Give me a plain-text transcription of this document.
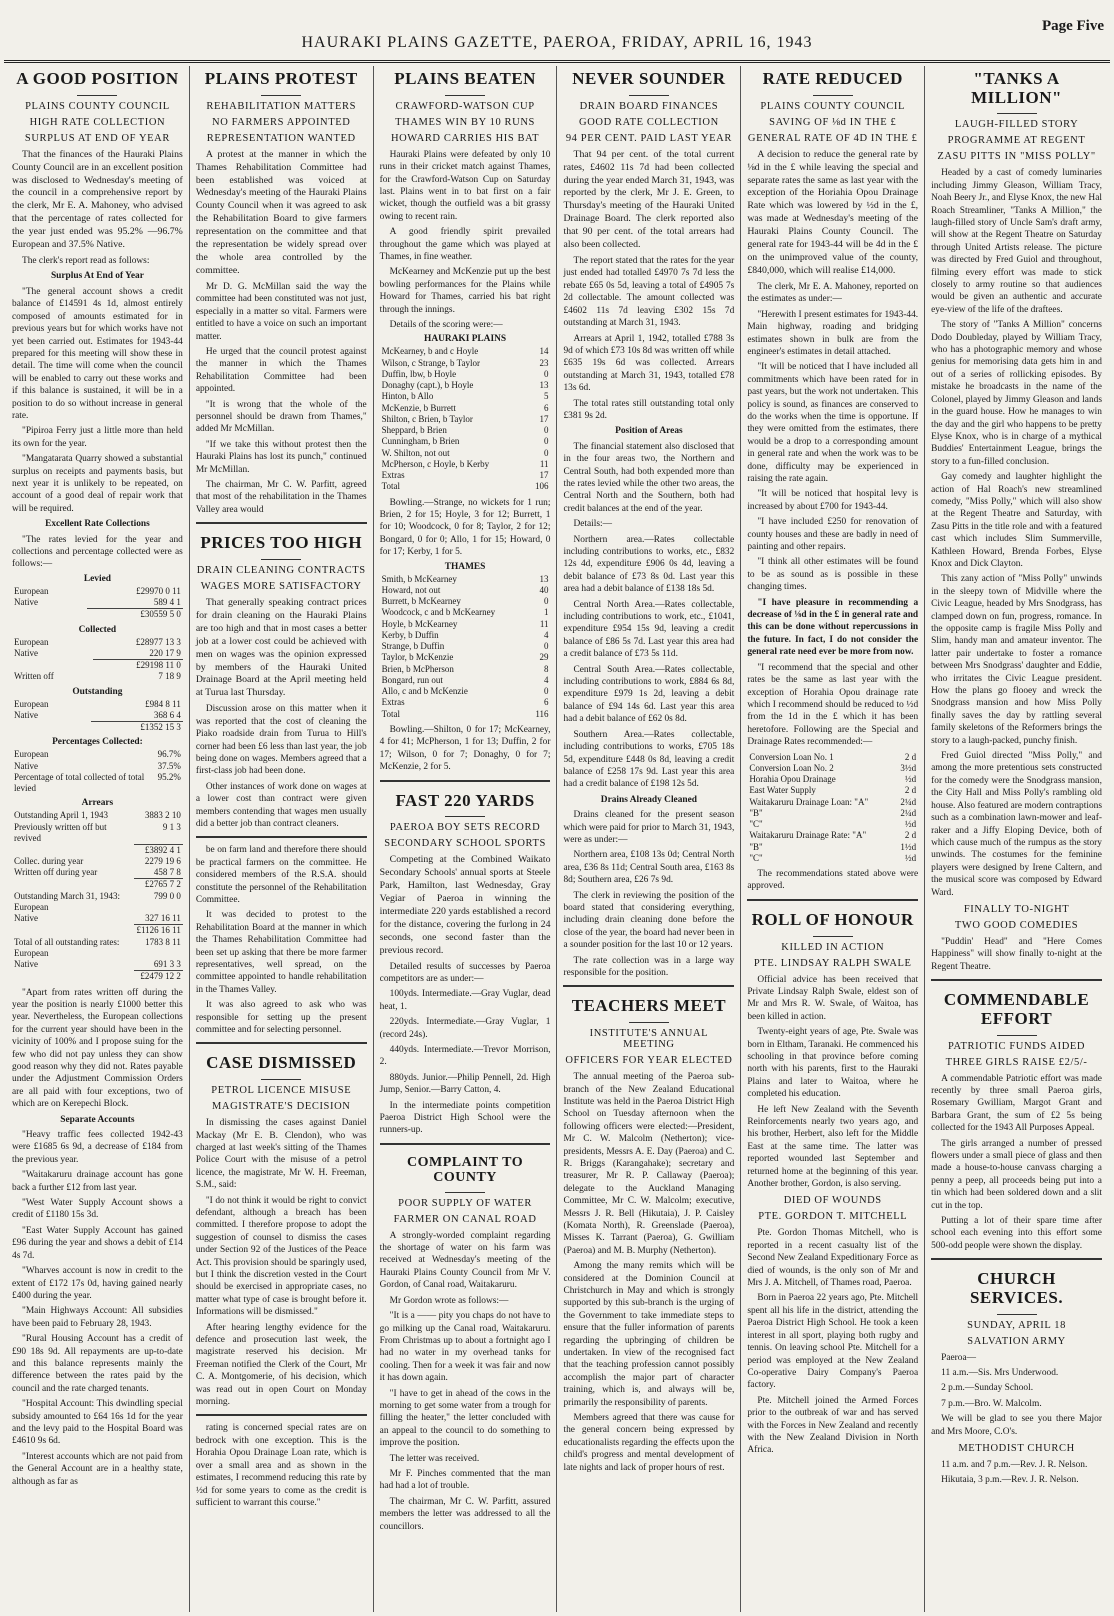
Page Five
HAURAKI PLAINS GAZETTE, PAEROA, FRIDAY, APRIL 16, 1943
A GOOD POSITION
PLAINS COUNTY COUNCIL
HIGH RATE COLLECTION
SURPLUS AT END OF YEAR

That the finances of the Hauraki Plains County Council are in an excellent position was disclosed to Wednesday's meeting of the council in a comprehensive report by the clerk, Mr E. A. Mahoney, who advised that the percentage of rates collected for the year just ended was 95.2% —96.7% European and 37.5% Native.

The clerk's report read as follows:

Surplus At End of Year

"The general account shows a credit balance of £14591 4s 1d, almost entirely composed of amounts estimated for in previous years but for which works have not yet been carried out. Estimates for 1943-44 prepared for this meeting will show these in detail. The time will come when the council will be enabled to carry out these works and if this balance is sustained, it will be in a position to do so without increase in general rate.

"Pipiroa Ferry just a little more than held its own for the year.

"Mangatarata Quarry showed a substantial surplus on receipts and payments basis, but next year it is unlikely to be repeated, on account of a good deal of repair work that will be required.

Excellent Rate Collections

"The rates levied for the year and collections and percentage collected were as follows:—

Levied
European	£29970 0 11
Native	589 4 1
	£30559 5 0
Collected
European	£28977 13 3
Native	220 17 9
	£29198 11 0
Written off	7 18 9
Outstanding
European	£984 8 11
Native	368 6 4
	£1352 15 3
Percentages Collected:
European	96.7%
Native	37.5%
Percentage of total collected of total levied	95.2%
Arrears
Outstanding April 1, 1943	3883 2 10
Previously written off but revived	9 1 3
	£3892 4 1
Collec. during year	2279 19 6
Written off during year	458 7 8
	£2765 7 2
Outstanding March 31, 1943: European	799 0 0
Native	327 16 11
	£1126 16 11
Total of all outstanding rates: European	1783 8 11
Native	691 3 3
	£2479 12 2

"Apart from rates written off during the year the position is nearly £1000 better this year. Nevertheless, the European collections for the current year should have been in the vicinity of 100% and I propose suing for the few who did not pay unless they can show good reason why they did not. Rates payable under the Adjustment Commission Orders are all paid with four exceptions, two of which are on Kerepechi Block.

Separate Accounts

"Heavy traffic fees collected 1942-43 were £1685 6s 9d, a decrease of £184 from the previous year.

"Waitakaruru drainage account has gone back a further £12 from last year.

"West Water Supply Account shows a credit of £1180 15s 3d.

"East Water Supply Account has gained £96 during the year and shows a debit of £14 4s 7d.

"Wharves account is now in credit to the extent of £172 17s 0d, having gained nearly £400 during the year.

"Main Highways Account: All subsidies have been paid to February 28, 1943.

"Rural Housing Account has a credit of £90 18s 9d. All repayments are up-to-date and this balance represents mainly the difference between the rates paid by the council and the rate charged tenants.

"Hospital Account: This dwindling special subsidy amounted to £64 16s 1d for the year and the levy paid to the Hospital Board was £4610 9s 6d.

"Interest accounts which are not paid from the General Account are in a healthy state, although as far as

PLAINS PROTEST
REHABILITATION MATTERS
NO FARMERS APPOINTED
REPRESENTATION WANTED

A protest at the manner in which the Thames Rehabilitation Committee had been established was voiced at Wednesday's meeting of the Hauraki Plains County Council when it was agreed to ask the Rehabilitation Board to give farmers representation on the committee and that the representation be widely spread over the whole area controlled by the committee.

Mr D. G. McMillan said the way the committee had been constituted was not just, especially in a matter so vital. Farmers were entitled to have a voice on such an important matter.

He urged that the council protest against the manner in which the Thames Rehabilitation Committee had been appointed.

"It is wrong that the whole of the personnel should be drawn from Thames," added Mr McMillan.

"If we take this without protest then the Hauraki Plains has lost its punch," continued Mr McMillan.

The chairman, Mr C. W. Parfitt, agreed that most of the rehabilitation in the Thames Valley area would

PRICES TOO HIGH
DRAIN CLEANING CONTRACTS
WAGES MORE SATISFACTORY

That generally speaking contract prices for drain cleaning on the Hauraki Plains are too high and that in most cases a better job at a lower cost could be achieved with men on wages was the opinion expressed by members of the Hauraki United Drainage Board at the April meeting held at Turua last Thursday.

Discussion arose on this matter when it was reported that the cost of cleaning the Piako roadside drain from Turua to Hill's corner had been £6 less than last year, the job being done on wages. Members agreed that a first-class job had been done.

Other instances of work done on wages at a lower cost than contract were given members contending that wages men usually did a better job than contract cleaners.

be on farm land and therefore there should be practical farmers on the committee. He considered members of the R.S.A. should constitute the personnel of the Rehabilitation Committee.

It was decided to protest to the Rehabilitation Board at the manner in which the Thames Rehabilitation Committee had been set up asking that there be more farmer representatives, well spread, on the committee appointed to handle rehabilitation in the Thames Valley.

It was also agreed to ask who was responsible for setting up the present committee and for selecting personnel.

CASE DISMISSED
PETROL LICENCE MISUSE
MAGISTRATE'S DECISION

In dismissing the cases against Daniel Mackay (Mr E. B. Clendon), who was charged at last week's sitting of the Thames Police Court with the misuse of a petrol licence, the magistrate, Mr W. H. Freeman, S.M., said:

"I do not think it would be right to convict defendant, although a breach has been committed. I therefore propose to adopt the suggestion of counsel to dismiss the cases under Section 92 of the Justices of the Peace Act. This provision should be sparingly used, but I think the discretion vested in the Court should be exercised in appropriate cases, no matter what type of case is brought before it. Informations will be dismissed."

After hearing lengthy evidence for the defence and prosecution last week, the magistrate reserved his decision. Mr Freeman notified the Clerk of the Court, Mr C. A. Montgomerie, of his decision, which was read out in open Court on Monday morning.

rating is concerned special rates are on bedrock with one exception. This is the Horahia Opou Drainage Loan rate, which is over a small area and as shown in the estimates, I recommend reducing this rate by ½d for some years to come as the credit is sufficient to warrant this course."

PLAINS BEATEN
CRAWFORD-WATSON CUP
THAMES WIN BY 10 RUNS
HOWARD CARRIES HIS BAT

Hauraki Plains were defeated by only 10 runs in their cricket match against Thames, for the Crawford-Watson Cup on Saturday last. Plains went in to bat first on a fair wicket, though the outfield was a bit grassy owing to recent rain.

A good friendly spirit prevailed throughout the game which was played at Thames, in fine weather.

McKearney and McKenzie put up the best bowling performances for the Plains while Howard for Thames, carried his bat right through the innings.

Details of the scoring were:—

HAURAKI PLAINS
McKearney, b and c Hoyle	14
Wilson, c Strange, b Taylor	23
Duffin, lbw, b Hoyle	0
Donaghy (capt.), b Hoyle	13
Hinton, b Allo	5
McKenzie, b Burrett	6
Shilton, c Brien, b Taylor	17
Sheppard, b Brien	0
Cunningham, b Brien	0
W. Shilton, not out	0
McPherson, c Hoyle, b Kerby	11
Extras	17
Total	106

Bowling.—Strange, no wickets for 1 run; Brien, 2 for 15; Hoyle, 3 for 12; Burrett, 1 for 10; Woodcock, 0 for 8; Taylor, 2 for 12; Bongard, 0 for 0; Allo, 1 for 15; Howard, 0 for 17; Kerby, 1 for 5.

THAMES
Smith, b McKearney	13
Howard, not out	40
Burrett, b McKearney	0
Woodcock, c and b McKearney	1
Hoyle, b McKearney	11
Kerby, b Duffin	4
Strange, b Duffin	0
Taylor, b McKenzie	29
Brien, b McPherson	8
Bongard, run out	4
Allo, c and b McKenzie	0
Extras	6
Total	116

Bowling.—Shilton, 0 for 17; McKearney, 4 for 41; McPherson, 1 for 13; Duffin, 2 for 17; Wilson, 0 for 7; Donaghy, 0 for 7; McKenzie, 2 for 5.

FAST 220 YARDS
PAEROA BOY SETS RECORD
SECONDARY SCHOOL SPORTS

Competing at the Combined Waikato Secondary Schools' annual sports at Steele Park, Hamilton, last Wednesday, Gray Vegiar of Paeroa in winning the intermediate 220 yards established a record for the distance, covering the furlong in 24 seconds, one second faster than the previous record.

Detailed results of successes by Paeroa competitors are as under:—

100yds. Intermediate.—Gray Vuglar, dead heat, 1.

220yds. Intermediate.—Gray Vuglar, 1 (record 24s).

440yds. Intermediate.—Trevor Morrison, 2.

880yds. Junior.—Philip Pennell, 2d. High Jump, Senior.—Barry Catton, 4.

In the intermediate points competition Paeroa District High School were the runners-up.

COMPLAINT TO COUNTY
POOR SUPPLY OF WATER
FARMER ON CANAL ROAD

A strongly-worded complaint regarding the shortage of water on his farm was received at Wednesday's meeting of the Hauraki Plains County Council from Mr V. Gordon, of Canal road, Waitakaruru.

Mr Gordon wrote as follows:—

"It is a —— pity you chaps do not have to go milking up the Canal road, Waitakaruru. From Christmas up to about a fortnight ago I had no water in my overhead tanks for cooling. Then for a week it was fair and now it has down again.

"I have to get in ahead of the cows in the morning to get some water from a trough for filling the heater," the letter concluded with an appeal to the council to do something to improve the position.

The letter was received.

Mr F. Pinches commented that the man had had a lot of trouble.

The chairman, Mr C. W. Parfitt, assured members the letter was addressed to all the councillors.

NEVER SOUNDER
DRAIN BOARD FINANCES
GOOD RATE COLLECTION
94 PER CENT. PAID LAST YEAR

That 94 per cent. of the total current rates, £4602 11s 7d had been collected during the year ended March 31, 1943, was reported by the clerk, Mr J. E. Green, to Thursday's meeting of the Hauraki United Drainage Board. The clerk reported also that 90 per cent. of the total arrears had also been collected.

The report stated that the rates for the year just ended had totalled £4970 7s 7d less the rebate £65 0s 5d, leaving a total of £4905 7s 2d collectable. The amount collected was £4602 11s 7d leaving £302 15s 7d outstanding at March 31, 1943.

Arrears at April 1, 1942, totalled £788 3s 9d of which £73 10s 8d was written off while £635 19s 6d was collected. Arrears outstanding at March 31, 1943, totalled £78 13s 6d.

The total rates still outstanding total only £381 9s 2d.

Position of Areas

The financial statement also disclosed that in the four areas two, the Northern and Central South, had both expended more than the rates levied while the other two areas, the Central North and the Southern, both had credit balances at the end of the year.

Details:—

Northern area.—Rates collectable including contributions to works, etc., £832 12s 4d, expenditure £906 0s 4d, leaving a debit balance of £73 8s 0d. Last year this area had a debit balance of £138 18s 5d.

Central North Area.—Rates collectable, including contributions to work, etc., £1041, expenditure £954 15s 9d, leaving a credit balance of £86 5s 7d. Last year this area had a credit balance of £73 5s 11d.

Central South Area.—Rates collectable, including contributions to work, £884 6s 8d, expenditure £979 1s 2d, leaving a debit balance of £94 14s 6d. Last year this area had a debit balance of £62 0s 8d.

Southern Area.—Rates collectable, including contributions to works, £705 18s 5d, expenditure £448 0s 8d, leaving a credit balance of £258 17s 9d. Last year this area had a credit balance of £198 12s 5d.

Drains Already Cleaned

Drains cleaned for the present season which were paid for prior to March 31, 1943, were as under:—

Northern area, £108 13s 0d; Central North area, £36 8s 11d; Central South area, £163 8s 8d; Southern area, £26 7s 9d.

The clerk in reviewing the position of the board stated that considering everything, including drain cleaning done before the close of the year, the board had never been in a sounder position for the last 10 or 12 years.

The rate collection was in a large way responsible for the position.

TEACHERS MEET
INSTITUTE'S ANNUAL MEETING
OFFICERS FOR YEAR ELECTED

The annual meeting of the Paeroa sub-branch of the New Zealand Educational Institute was held in the Paeroa District High School on Tuesday afternoon when the following officers were elected:—President, Mr C. W. Malcolm (Netherton); vice-presidents, Messrs A. E. Day (Paeroa) and C. R. Briggs (Karangahake); secretary and treasurer, Mr R. P. Callaway (Paeroa); delegate to the Auckland Managing Committee, Mr C. W. Malcolm; executive, Messrs J. R. Bell (Hikutaia), J. P. Caisley (Komata North), R. Greenslade (Paeroa), Misses K. Tarrant (Paeroa), G. Gwilliam (Paeroa) and M. B. Murphy (Netherton).

Among the many remits which will be considered at the Dominion Council at Christchurch in May and which is strongly supported by this sub-branch is the urging of the Government to take immediate steps to ensure that the fuller information of parents regarding the upbringing of children be undertaken. In view of the recognised fact that the teaching profession cannot possibly accomplish the major part of character training, which is, and always will be, primarily the responsibility of parents.

Members agreed that there was cause for the general concern being expressed by educationalists regarding the effects upon the child's progress and mental development of late nights and lack of proper hours of rest.

RATE REDUCED
PLAINS COUNTY COUNCIL
SAVING OF ⅛d IN THE £
GENERAL RATE OF 4D IN THE £

A decision to reduce the general rate by ⅛d in the £ while leaving the special and separate rates the same as last year with the exception of the Horiahia Opou Drainage Rate which was lowered by ½d in the £, was made at Wednesday's meeting of the Hauraki Plains County Council. The general rate for 1943-44 will be 4d in the £ on the unimproved value of the county, £840,000, which will realise £14,000.

The clerk, Mr E. A. Mahoney, reported on the estimates as under:—

"Herewith I present estimates for 1943-44. Main highway, roading and bridging estimates shown in bulk are from the engineer's estimates in detail attached.

"It will be noticed that I have included all commitments which have been rated for in past years, but the work not undertaken. This policy is sound, as finances are conserved to do the works when the time is opportune. If they were omitted from the estimates, there would be a drop to a corresponding amount in general rate and when the work was to be done, difficulty may be experienced in raising the rate again.

"It will be noticed that hospital levy is increased by about £700 for 1943-44.

"I have included £250 for renovation of county houses and these are badly in need of painting and other repairs.

"I think all other estimates will be found to be as sound as is possible in these changing times.

"I have pleasure in recommending a decrease of ⅛d in the £ in general rate and this can be done without repercussions in the future. In fact, I do not consider the general rate need ever be more from now.

"I recommend that the special and other rates be the same as last year with the exception of Horahia Opou drainage rate which I recommend should be reduced to ½d from the 1d in the £ which it has been heretofore. Following are the Special and Drainage Rates recommended:—

Conversion Loan No. 1	2 d
Conversion Loan No. 2	3½d
Horahia Opou Drainage	½d
East Water Supply	2 d
Waitakaruru Drainage Loan: "A"	2¼d
"B"	2¼d
"C"	½d
Waitakaruru Drainage Rate: "A"	2 d
"B"	1½d
"C"	½d

The recommendations stated above were approved.

ROLL OF HONOUR
KILLED IN ACTION
PTE. LINDSAY RALPH SWALE

Official advice has been received that Private Lindsay Ralph Swale, eldest son of Mr and Mrs R. W. Swale, of Waitoa, has been killed in action.

Twenty-eight years of age, Pte. Swale was born in Eltham, Taranaki. He commenced his schooling in that province before coming north with his parents, first to the Hauraki Plains and later to Waitoa, where he completed his education.

He left New Zealand with the Seventh Reinforcements nearly two years ago, and his brother, Herbert, also left for the Middle East at the same time. The latter was reported wounded last September and returned home at the beginning of this year. Another brother, Gordon, is also serving.

DIED OF WOUNDS
PTE. GORDON T. MITCHELL

Pte. Gordon Thomas Mitchell, who is reported in a recent casualty list of the Second New Zealand Expeditionary Force as died of wounds, is the only son of Mr and Mrs J. A. Mitchell, of Thames road, Paeroa.

Born in Paeroa 22 years ago, Pte. Mitchell spent all his life in the district, attending the Paeroa District High School. He took a keen interest in all sport, playing both rugby and tennis. On leaving school Pte. Mitchell for a period was employed at the New Zealand Co-operative Dairy Company's Paeroa factory.

Pte. Mitchell joined the Armed Forces prior to the outbreak of war and has served with the Forces in New Zealand and recently with the New Zealand Division in North Africa.

"TANKS A MILLION"
LAUGH-FILLED STORY
PROGRAMME AT REGENT
ZASU PITTS IN "MISS POLLY"

Headed by a cast of comedy luminaries including Jimmy Gleason, William Tracy, Noah Beery Jr., and Elyse Knox, the new Hal Roach Streamliner, "Tanks A Million," the laugh-filled story of Uncle Sam's draft army, will show at the Regent Theatre on Saturday through United Artists release. The picture was directed by Fred Guiol and throughout, filming every effort was made to stick closely to army routine so that audiences would be given an authentic and accurate eye-view of the life of the draftees.

The story of "Tanks A Million" concerns Dodo Doubleday, played by William Tracy, who has a photographic memory and whose genius for memorising data gets him in and out of a series of rollicking episodes. By mistake he broadcasts in the name of the Colonel, played by Jimmy Gleason and lands in the guard house. How he manages to win the day and the girl who happens to be pretty Elyse Knox, who is in charge of a mythical Buddies' Entertainment League, brings the story to a fun-filled conclusion.

Gay comedy and laughter highlight the action of Hal Roach's new streamlined comedy, "Miss Polly," which will also show at the Regent Theatre and Saturday, with Zasu Pitts in the title role and with a featured cast which includes Slim Summerville, Kathleen Howard, Brenda Forbes, Elyse Knox and Dick Clayton.

This zany action of "Miss Polly" unwinds in the sleepy town of Midville where the Civic League, headed by Mrs Snodgrass, has clamped down on fun, progress, romance. In the opposite camp is fragile Miss Polly and Slim, handy man and amateur inventor. The latter pair undertake to foster a romance between Mrs Snodgrass' daughter and Eddie, who irritates the Civic League president. How the plans go flooey and wreck the Snodgrass mansion and how Miss Polly finally saves the day by rattling several family skeletons of the Reformers brings the story to a laugh-packed, punchy finish.

Fred Guiol directed "Miss Polly," and among the more pretentious sets constructed for the comedy were the Snodgrass mansion, the City Hall and Miss Polly's rambling old house. Also featured are modern contraptions such as a combination lawn-mower and leaf-raker and a Jiffy Eloping Device, both of which cause much of the rumpus as the story unwinds. The costumes for the feminine players were designed by Irene Caltern, and the musical score was composed by Edward Ward.

FINALLY TO-NIGHT
TWO GOOD COMEDIES

"Puddin' Head" and "Here Comes Happiness" will show finally to-night at the Regent Theatre.

COMMENDABLE EFFORT
PATRIOTIC FUNDS AIDED
THREE GIRLS RAISE £2/5/-

A commendable Patriotic effort was made recently by three small Paeroa girls, Rosemary Gwilliam, Margot Grant and Barbara Grant, the sum of £2 5s being collected for the 1943 All Purposes Appeal.

The girls arranged a number of pressed flowers under a small piece of glass and then made a house-to-house canvass charging a penny a peep, all proceeds being put into a tin which had been soldered down and a slit cut in the top.

Putting a lot of their spare time after school each evening into this effort some 500-odd people were shown the display.

CHURCH SERVICES.
SUNDAY, APRIL 18
SALVATION ARMY

Paeroa—

11 a.m.—Sis. Mrs Underwood.

2 p.m.—Sunday School.

7 p.m.—Bro. W. Malcolm.

We will be glad to see you there Major and Mrs Moore, C.O's.

METHODIST CHURCH

11 a.m. and 7 p.m.—Rev. J. R. Nelson.

Hikutaia, 3 p.m.—Rev. J. R. Nelson.
